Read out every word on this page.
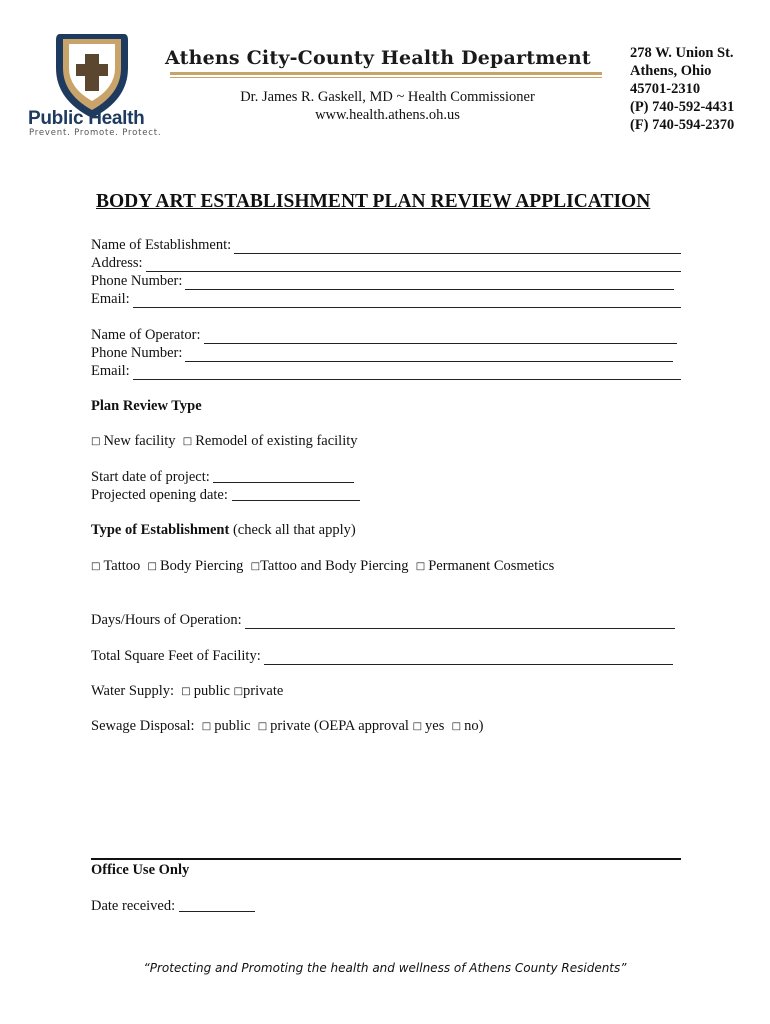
Public Health
Prevent. Promote. Protect.
Athens City-County Health Department
Dr. James R. Gaskell, MD ~ Health Commissioner
www.health.athens.oh.us
278 W. Union St.
Athens, Ohio
45701-2310
(P) 740-592-4431
(F) 740-594-2370
BODY ART ESTABLISHMENT PLAN REVIEW APPLICATION
Name of Establishment:
Address:
Phone Number:
Email:
Name of Operator:
Phone Number:
Email:
Plan Review Type
□ New facility □ Remodel of existing facility
Start date of project:
Projected opening date:
Type of Establishment (check all that apply)
□ Tattoo □ Body Piercing □Tattoo and Body Piercing □ Permanent Cosmetics
Days/Hours of Operation:
Total Square Feet of Facility:
Water Supply: □ public □private
Sewage Disposal: □ public □ private (OEPA approval □ yes □ no)
Office Use Only
Date received:
“Protecting and Promoting the health and wellness of Athens County Residents”
